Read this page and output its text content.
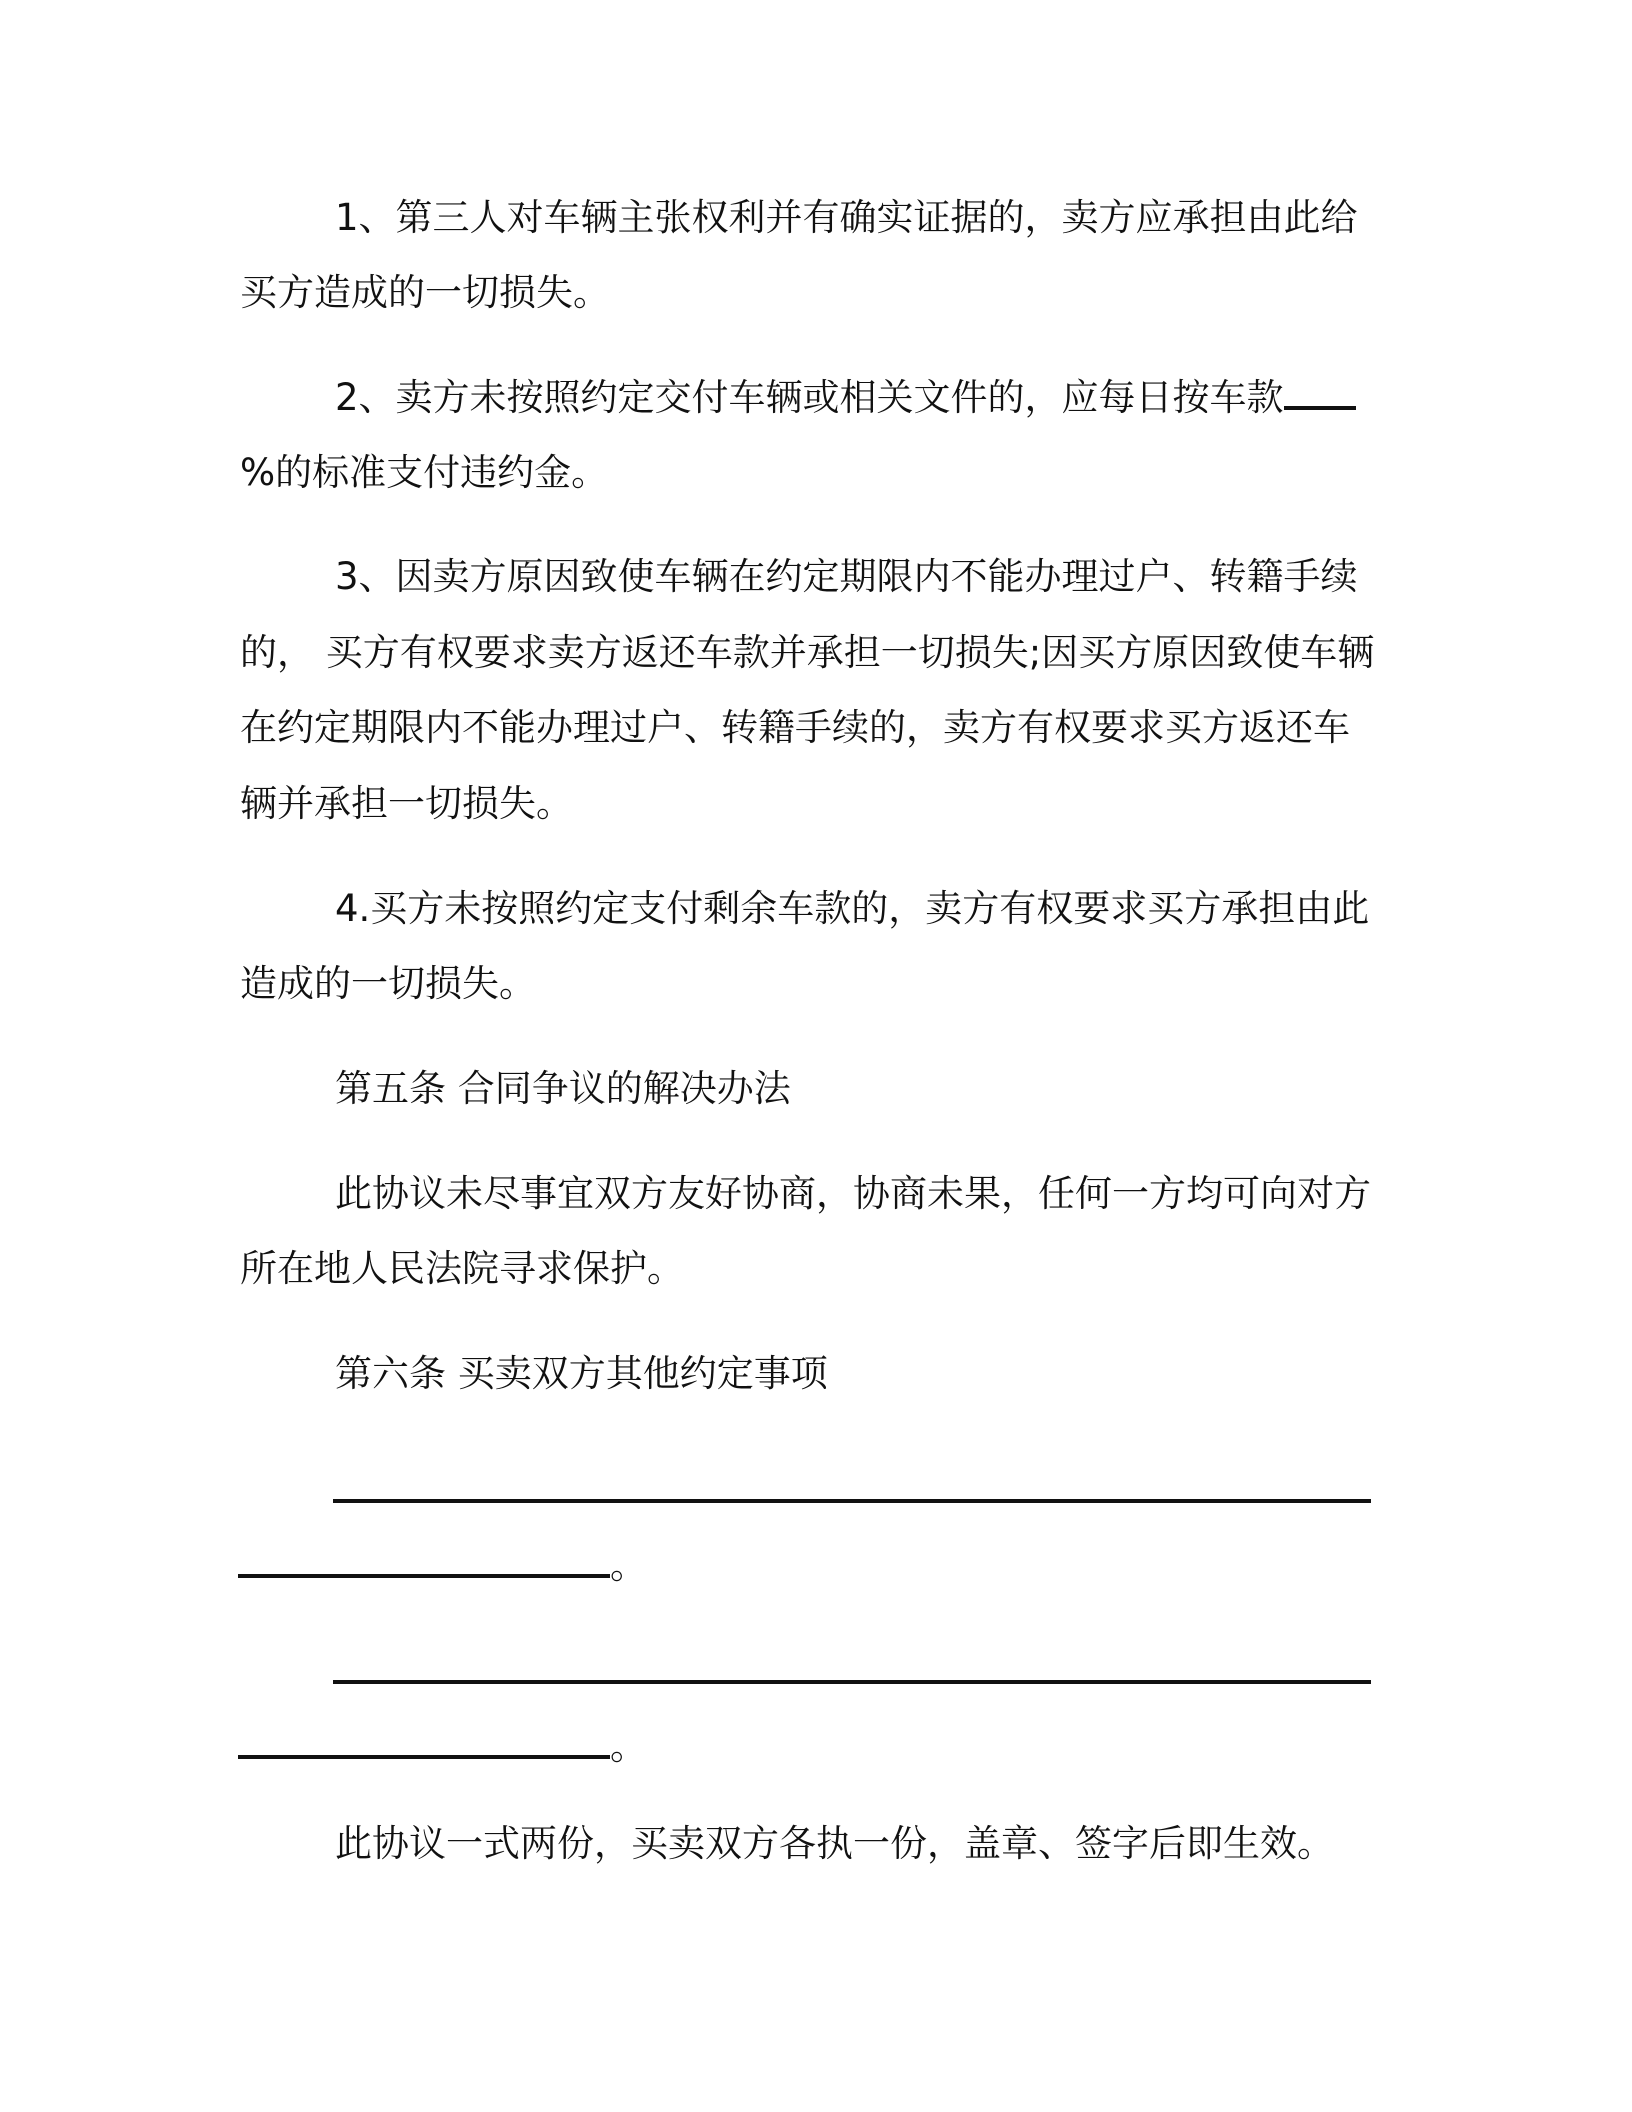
1、第三人对车辆主张权利并有确实证据的，卖方应承担由此给
买方造成的一切损失。
2、卖方未按照约定交付车辆或相关文件的，应每日按车款
%的标准支付违约金。
3、因卖方原因致使车辆在约定期限内不能办理过户、转籍手续
的， 买方有权要求卖方返还车款并承担一切损失;因买方原因致使车辆
在约定期限内不能办理过户、转籍手续的，卖方有权要求买方返还车
辆并承担一切损失。
4.买方未按照约定支付剩余车款的，卖方有权要求买方承担由此
造成的一切损失。
第五条 合同争议的解决办法
此协议未尽事宜双方友好协商，协商未果，任何一方均可向对方
所在地人民法院寻求保护。
第六条 买卖双方其他约定事项
。
。
此协议一式两份，买卖双方各执一份，盖章、签字后即生效。
